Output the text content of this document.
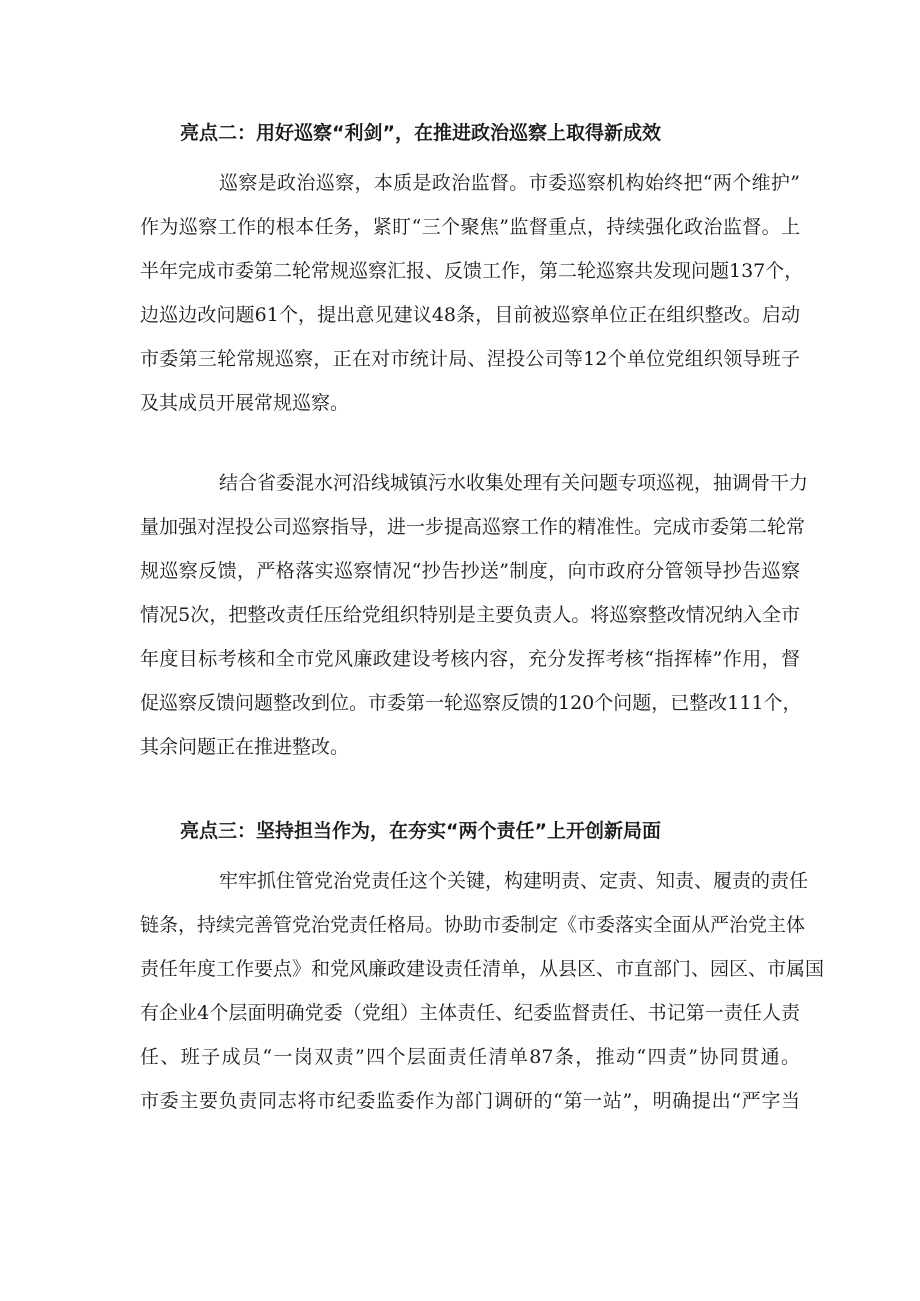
亮点二：用好巡察“利剑”，在推进政治巡察上取得新成效
巡察是政治巡察，本质是政治监督。市委巡察机构始终把“两个维护”
作为巡察工作的根本任务，紧盯“三个聚焦”监督重点，持续强化政治监督。上
半年完成市委第二轮常规巡察汇报、反馈工作，第二轮巡察共发现问题137个，
边巡边改问题61个，提出意见建议48条，目前被巡察单位正在组织整改。启动
市委第三轮常规巡察，正在对市统计局、涅投公司等12个单位党组织领导班子
及其成员开展常规巡察。
结合省委混水河沿线城镇污水收集处理有关问题专项巡视，抽调骨干力
量加强对涅投公司巡察指导，进一步提高巡察工作的精准性。完成市委第二轮常
规巡察反馈，严格落实巡察情况“抄告抄送”制度，向市政府分管领导抄告巡察
情况5次，把整改责任压给党组织特别是主要负责人。将巡察整改情况纳入全市
年度目标考核和全市党风廉政建设考核内容，充分发挥考核“指挥棒”作用，督
促巡察反馈问题整改到位。市委第一轮巡察反馈的120个问题，已整改111个，
其余问题正在推进整改。
亮点三：坚持担当作为，在夯实“两个责任”上开创新局面
牢牢抓住管党治党责任这个关键，构建明责、定责、知责、履责的责任
链条，持续完善管党治党责任格局。协助市委制定《市委落实全面从严治党主体
责任年度工作要点》和党风廉政建设责任清单，从县区、市直部门、园区、市属国
有企业4个层面明确党委（党组）主体责任、纪委监督责任、书记第一责任人责
任、班子成员“一岗双责”四个层面责任清单87条，推动“四责”协同贯通。
市委主要负责同志将市纪委监委作为部门调研的“第一站”，明确提出“严字当
